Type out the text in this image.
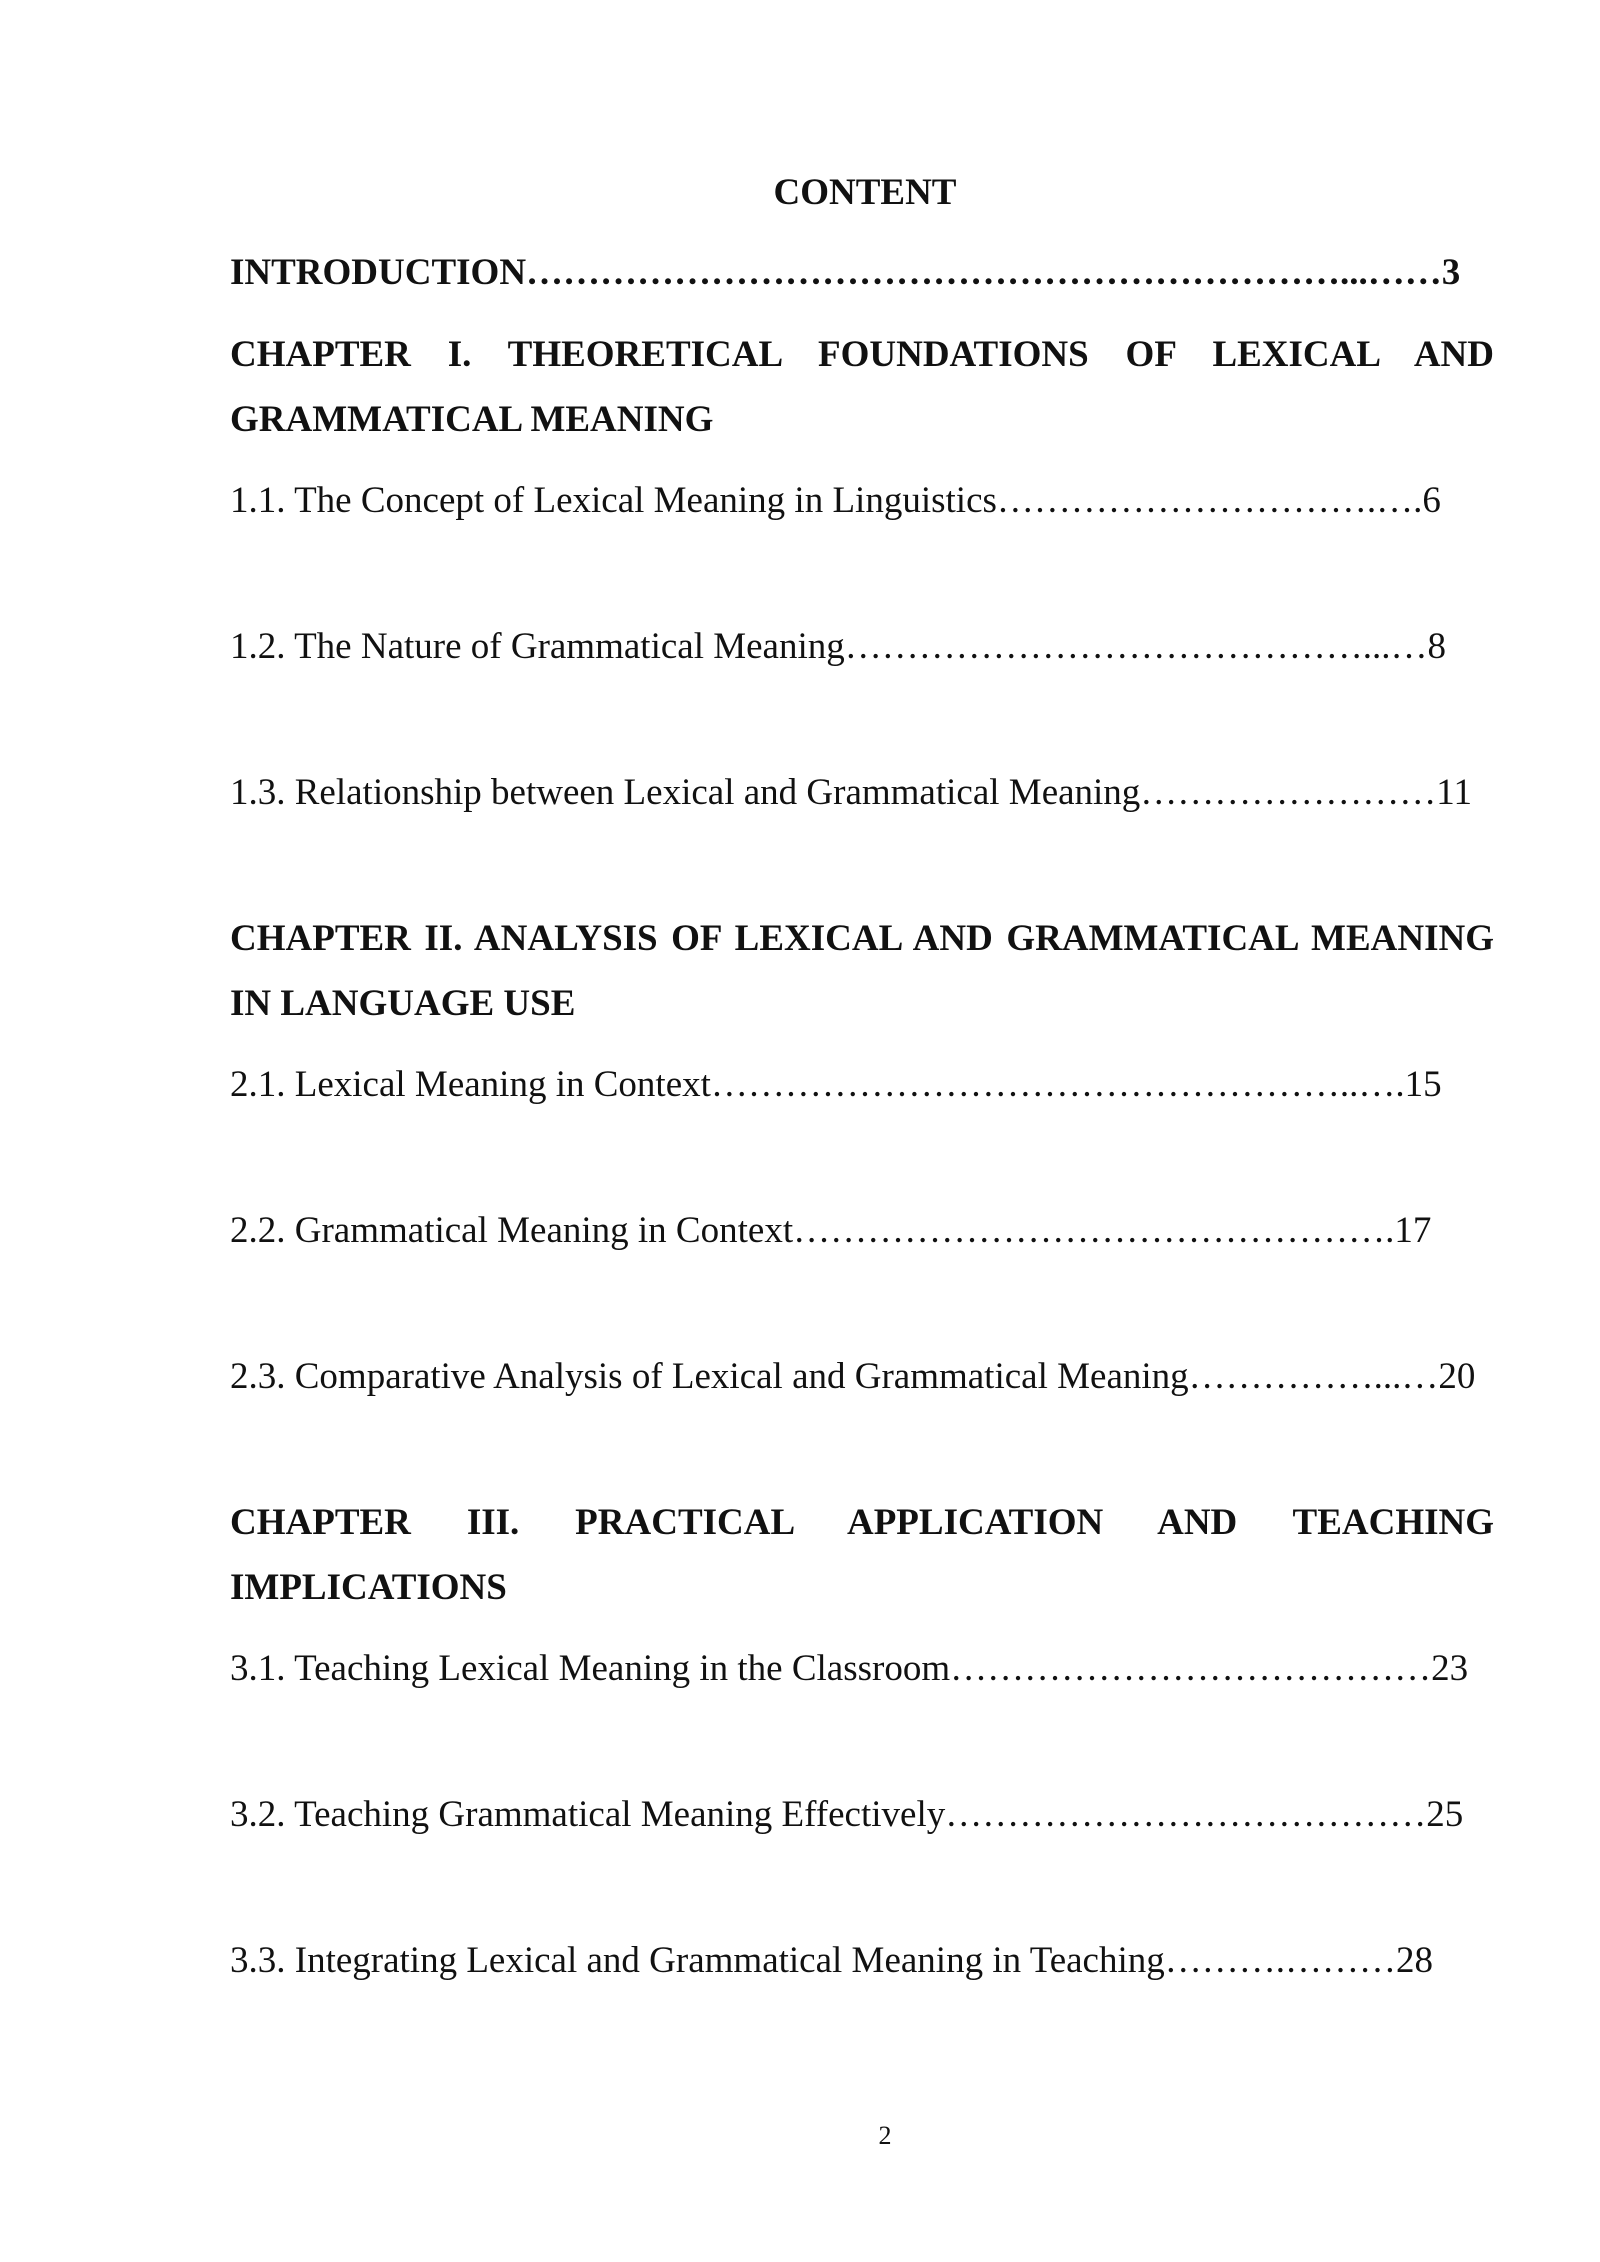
CONTENT
INTRODUCTION…………………………………………………………...……3
CHAPTER I. THEORETICAL FOUNDATIONS OF LEXICAL AND GRAMMATICAL MEANING
1.1. The Concept of Lexical Meaning in Linguistics………………………….….6
1.2. The Nature of Grammatical Meaning……………………………………...…8
1.3. Relationship between Lexical and Grammatical Meaning……………………11
CHAPTER II. ANALYSIS OF LEXICAL AND GRAMMATICAL MEANING IN LANGUAGE USE
2.1. Lexical Meaning in Context……………………………………………..….15
2.2. Grammatical Meaning in Context………………………………………….17
2.3. Comparative Analysis of Lexical and Grammatical Meaning……………...…20
CHAPTER III. PRACTICAL APPLICATION AND TEACHING IMPLICATIONS
3.1. Teaching Lexical Meaning in the Classroom…………………………………23
3.2. Teaching Grammatical Meaning Effectively…………………………………25
3.3. Integrating Lexical and Grammatical Meaning in Teaching……….………28
2
